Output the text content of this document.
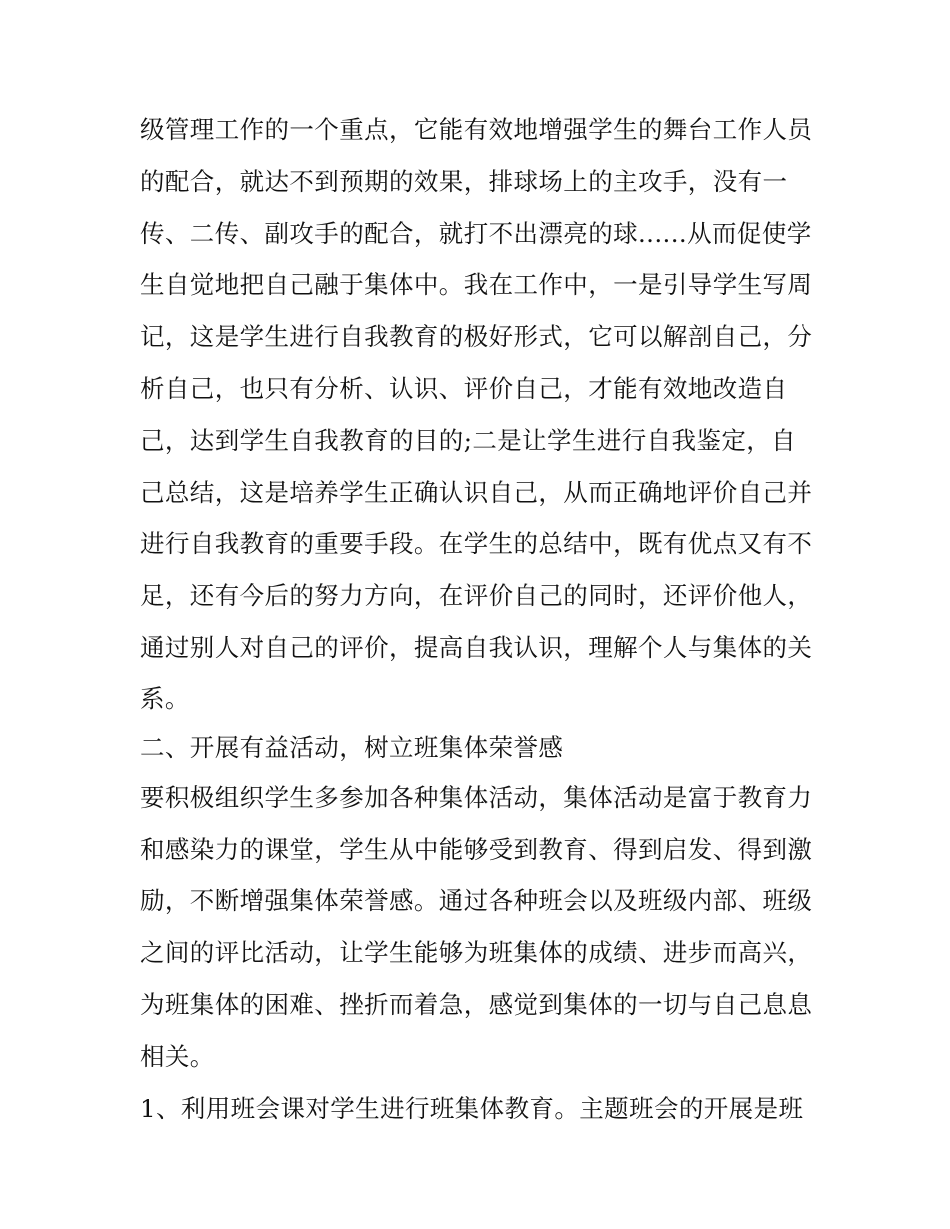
级管理工作的一个重点，它能有效地增强学生的舞台工作人员
的配合，就达不到预期的效果，排球场上的主攻手，没有一
传、二传、副攻手的配合，就打不出漂亮的球......从而促使学
生自觉地把自己融于集体中。我在工作中，一是引导学生写周
记，这是学生进行自我教育的极好形式，它可以解剖自己，分
析自己，也只有分析、认识、评价自己，才能有效地改造自
己，达到学生自我教育的目的;二是让学生进行自我鉴定，自
己总结，这是培养学生正确认识自己，从而正确地评价自己并
进行自我教育的重要手段。在学生的总结中，既有优点又有不
足，还有今后的努力方向，在评价自己的同时，还评价他人，
通过别人对自己的评价，提高自我认识，理解个人与集体的关
系。
二、开展有益活动，树立班集体荣誉感
要积极组织学生多参加各种集体活动，集体活动是富于教育力
和感染力的课堂，学生从中能够受到教育、得到启发、得到激
励，不断增强集体荣誉感。通过各种班会以及班级内部、班级
之间的评比活动，让学生能够为班集体的成绩、进步而高兴，
为班集体的困难、挫折而着急，感觉到集体的一切与自己息息
相关。
1、利用班会课对学生进行班集体教育。主题班会的开展是班
